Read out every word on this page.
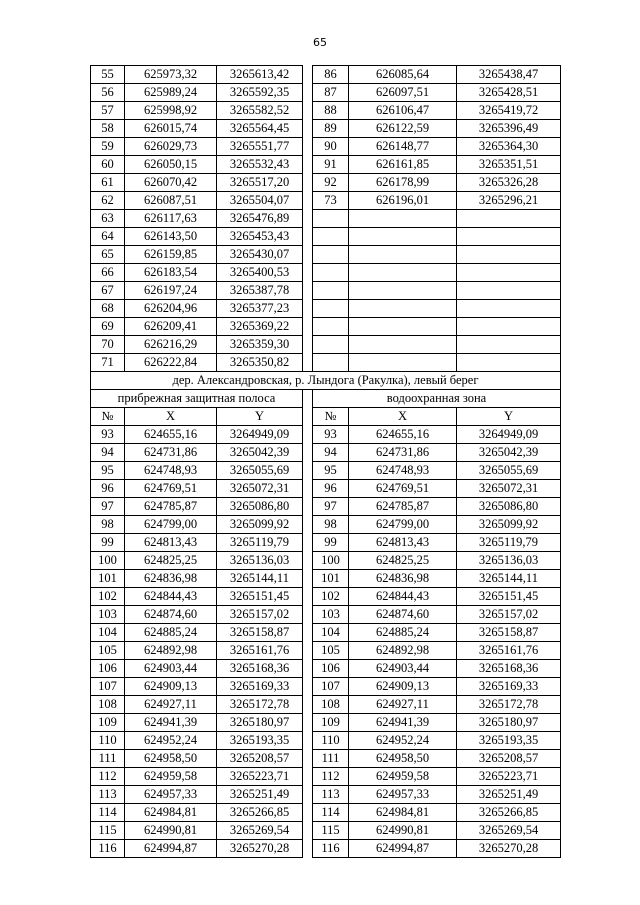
65
55	625973,32	3265613,42		86	626085,64	3265438,47
56	625989,24	3265592,35		87	626097,51	3265428,51
57	625998,92	3265582,52		88	626106,47	3265419,72
58	626015,74	3265564,45		89	626122,59	3265396,49
59	626029,73	3265551,77		90	626148,77	3265364,30
60	626050,15	3265532,43		91	626161,85	3265351,51
61	626070,42	3265517,20		92	626178,99	3265326,28
62	626087,51	3265504,07		73	626196,01	3265296,21
63	626117,63	3265476,89				
64	626143,50	3265453,43				
65	626159,85	3265430,07				
66	626183,54	3265400,53				
67	626197,24	3265387,78				
68	626204,96	3265377,23				
69	626209,41	3265369,22				
70	626216,29	3265359,30				
71	626222,84	3265350,82				
дер. Александровская, р. Лындога (Ракулка), левый берег						
прибрежная защитная полоса				водоохранная зона		
№	X	Y		№	X	Y
93	624655,16	3264949,09		93	624655,16	3264949,09
94	624731,86	3265042,39		94	624731,86	3265042,39
95	624748,93	3265055,69		95	624748,93	3265055,69
96	624769,51	3265072,31		96	624769,51	3265072,31
97	624785,87	3265086,80		97	624785,87	3265086,80
98	624799,00	3265099,92		98	624799,00	3265099,92
99	624813,43	3265119,79		99	624813,43	3265119,79
100	624825,25	3265136,03		100	624825,25	3265136,03
101	624836,98	3265144,11		101	624836,98	3265144,11
102	624844,43	3265151,45		102	624844,43	3265151,45
103	624874,60	3265157,02		103	624874,60	3265157,02
104	624885,24	3265158,87		104	624885,24	3265158,87
105	624892,98	3265161,76		105	624892,98	3265161,76
106	624903,44	3265168,36		106	624903,44	3265168,36
107	624909,13	3265169,33		107	624909,13	3265169,33
108	624927,11	3265172,78		108	624927,11	3265172,78
109	624941,39	3265180,97		109	624941,39	3265180,97
110	624952,24	3265193,35		110	624952,24	3265193,35
111	624958,50	3265208,57		111	624958,50	3265208,57
112	624959,58	3265223,71		112	624959,58	3265223,71
113	624957,33	3265251,49		113	624957,33	3265251,49
114	624984,81	3265266,85		114	624984,81	3265266,85
115	624990,81	3265269,54		115	624990,81	3265269,54
116	624994,87	3265270,28		116	624994,87	3265270,28
